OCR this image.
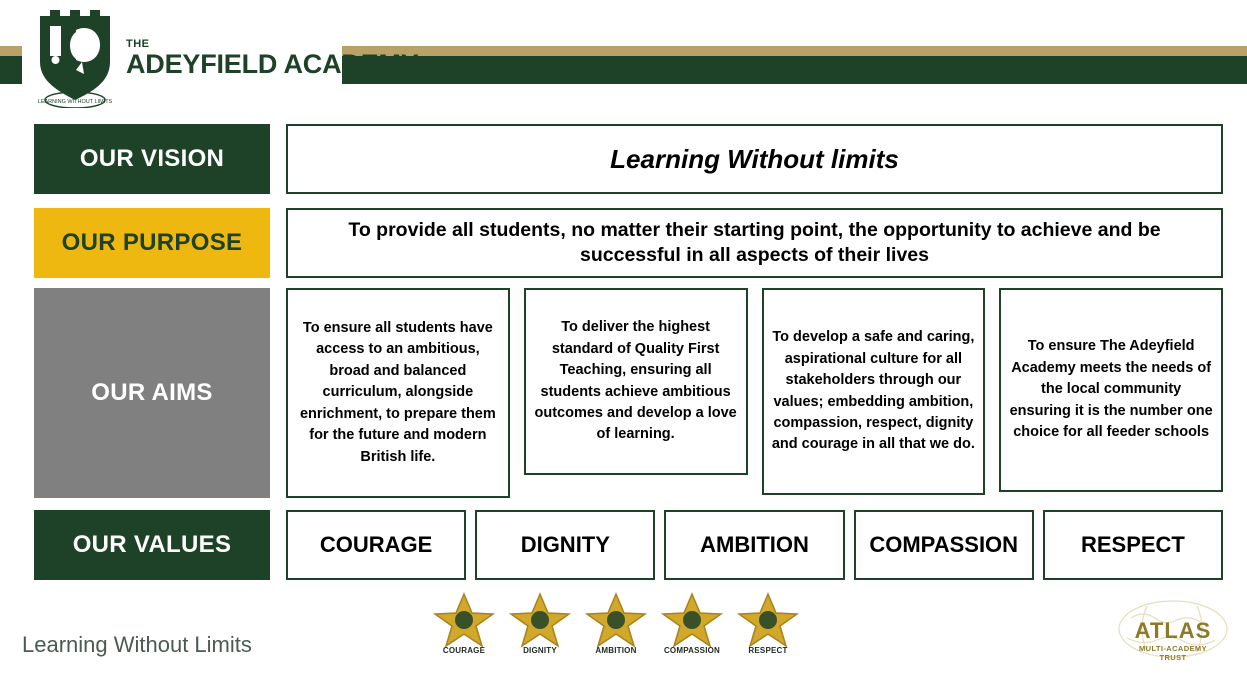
LEARNING WITHOUT LIMITS
THE
ADEYFIELD ACADEMY
OUR VISION	Learning Without limits
OUR PURPOSE	To provide all students, no matter their starting point, the opportunity to achieve and be successful in all aspects of their lives
OUR AIMS
To ensure all students have access to an ambitious, broad and balanced curriculum, alongside enrichment, to prepare them for the future and modern British life.
To deliver the highest standard of Quality First Teaching, ensuring all students achieve ambitious outcomes and develop a love of learning.
To develop a safe and caring, aspirational culture for all stakeholders through our values; embedding ambition, compassion, respect, dignity and courage in all that we do.
To ensure The Adeyfield Academy meets the needs of the local community ensuring it is the number one choice for all feeder schools
OUR VALUES	COURAGE	DIGNITY	AMBITION	COMPASSION	RESPECT
Learning Without Limits	COURAGE	DIGNITY	AMBITION	COMPASSION	RESPECT
ATLAS
MULTI-ACADEMY
TRUST
